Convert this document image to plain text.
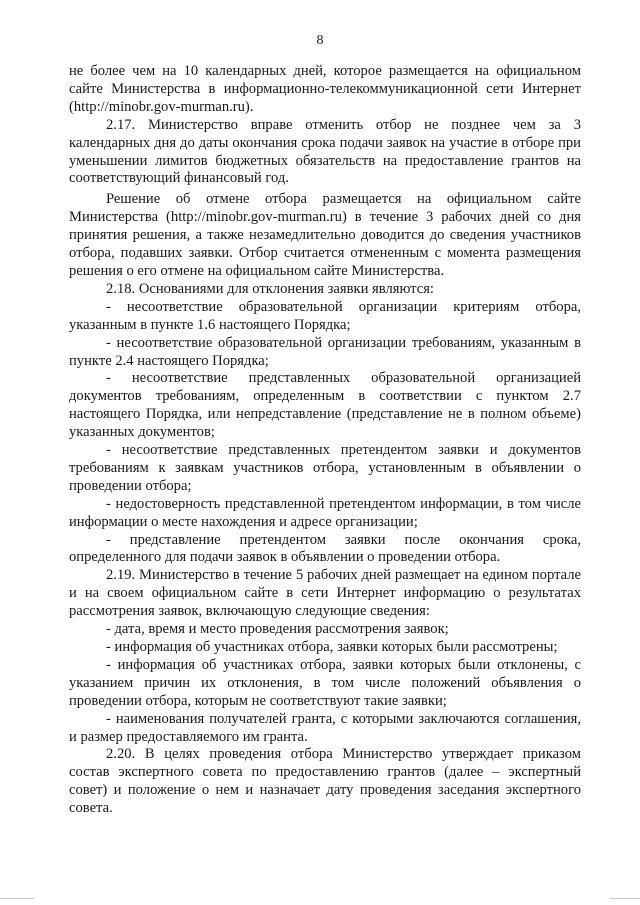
8

не более чем на 10 календарных дней, которое размещается на официальном сайте Министерства в информационно-телекоммуникационной сети Интернет (http://minobr.gov-murman.ru).

2.17. Министерство вправе отменить отбор не позднее чем за 3 календарных дня до даты окончания срока подачи заявок на участие в отборе при уменьшении лимитов бюджетных обязательств на предоставление грантов на соответствующий финансовый год.

Решение об отмене отбора размещается на официальном сайте Министерства (http://minobr.gov-murman.ru) в течение 3 рабочих дней со дня принятия решения, а также незамедлительно доводится до сведения участников отбора, подавших заявки. Отбор считается отмененным с момента размещения решения о его отмене на официальном сайте Министерства.

2.18. Основаниями для отклонения заявки являются:

- несоответствие образовательной организации критериям отбора, указанным в пункте 1.6 настоящего Порядка;

- несоответствие образовательной организации требованиям, указанным в пункте 2.4 настоящего Порядка;

- несоответствие представленных образовательной организацией документов требованиям, определенным в соответствии с пунктом 2.7 настоящего Порядка, или непредставление (представление не в полном объеме) указанных документов;

- несоответствие представленных претендентом заявки и документов требованиям к заявкам участников отбора, установленным в объявлении о проведении отбора;

- недостоверность представленной претендентом информации, в том числе информации о месте нахождения и адресе организации;

- представление претендентом заявки после окончания срока, определенного для подачи заявок в объявлении о проведении отбора.

2.19. Министерство в течение 5 рабочих дней размещает на едином портале и на своем официальном сайте в сети Интернет информацию о результатах рассмотрения заявок, включающую следующие сведения:

- дата, время и место проведения рассмотрения заявок;

- информация об участниках отбора, заявки которых были рассмотрены;

- информация об участниках отбора, заявки которых были отклонены, с указанием причин их отклонения, в том числе положений объявления о проведении отбора, которым не соответствуют такие заявки;

- наименования получателей гранта, с которыми заключаются соглашения, и размер предоставляемого им гранта.

2.20. В целях проведения отбора Министерство утверждает приказом состав экспертного совета по предоставлению грантов (далее – экспертный совет) и положение о нем и назначает дату проведения заседания экспертного совета.
